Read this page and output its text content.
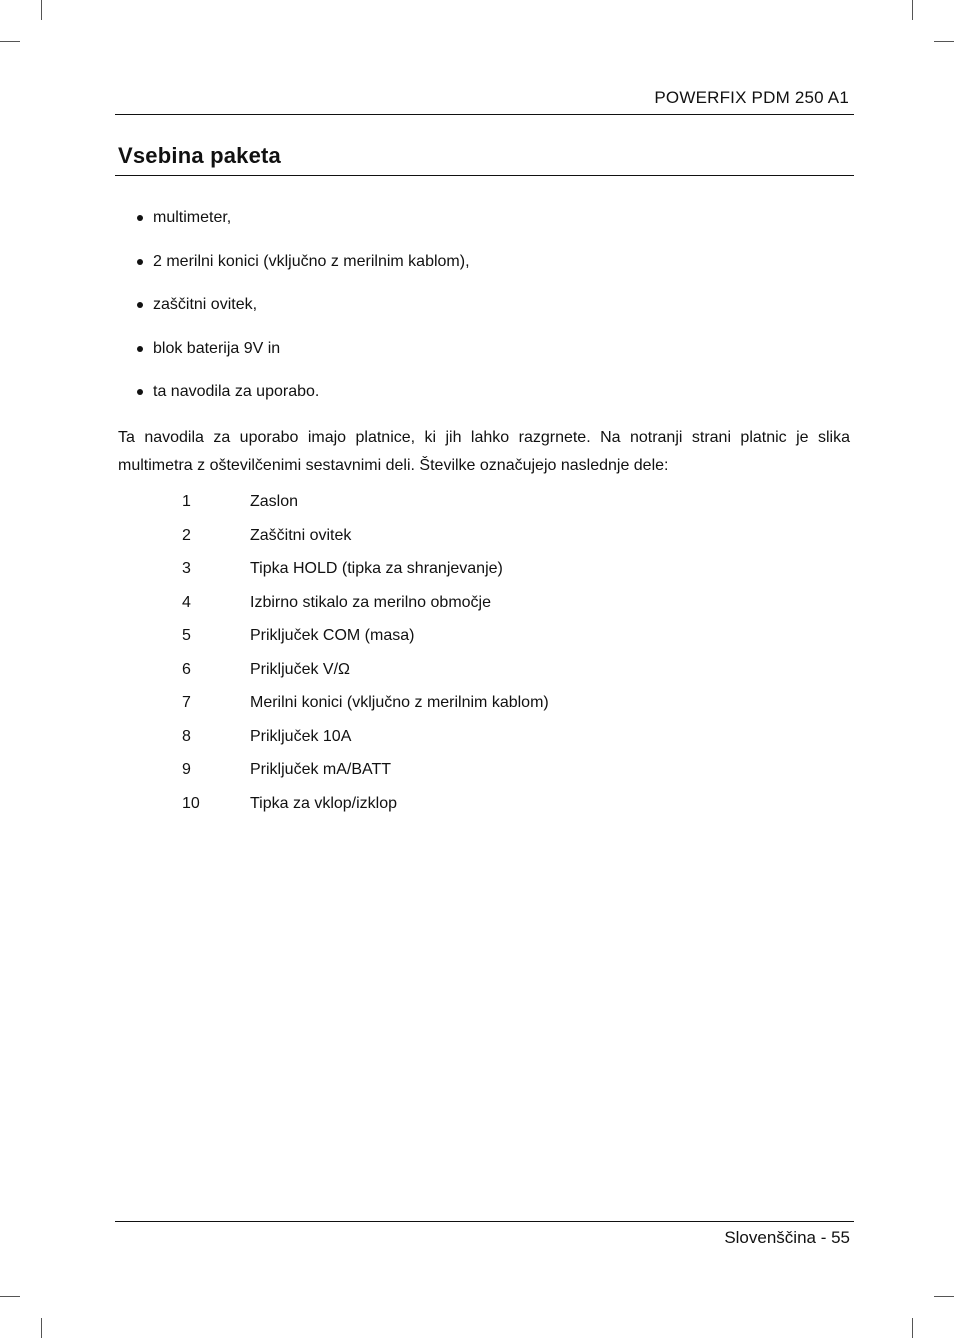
POWERFIX PDM 250 A1
Vsebina paketa
multimeter,
2 merilni konici (vključno z merilnim kablom),
zaščitni ovitek,
blok baterija 9V in
ta navodila za uporabo.

Ta navodila za uporabo imajo platnice, ki jih lahko razgrnete. Na notranji strani platnic je slika multimetra z oštevilčenimi sestavnimi deli. Številke označujejo naslednje dele:

1	Zaslon
2	Zaščitni ovitek
3	Tipka HOLD (tipka za shranjevanje)
4	Izbirno stikalo za merilno območje
5	Priključek COM (masa)
6	Priključek V/Ω
7	Merilni konici (vključno z merilnim kablom)
8	Priključek 10A
9	Priključek mA/BATT
10	Tipka za vklop/izklop
Slovenščina - 55
